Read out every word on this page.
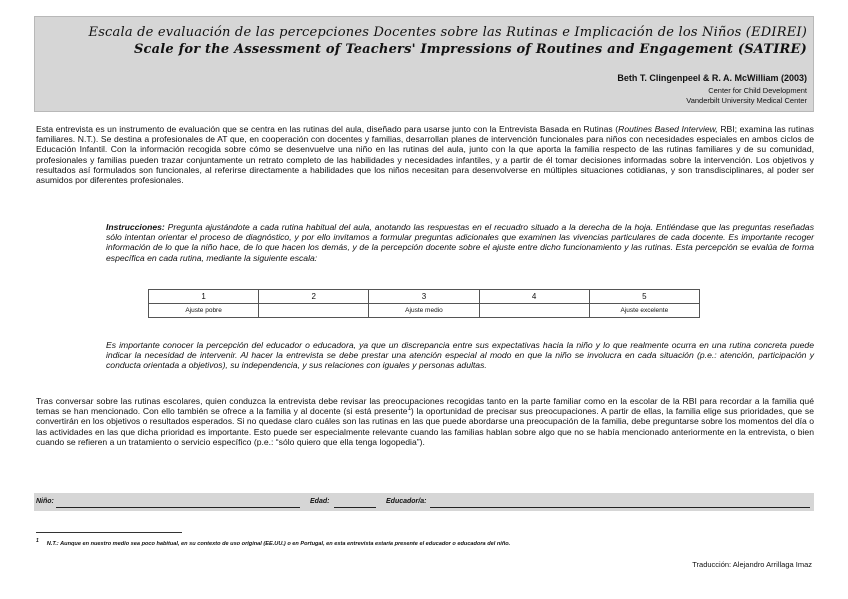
Escala de evaluación de las percepciones Docentes sobre las Rutinas e Implicación de los Niños (EDIREI)
Scale for the Assessment of Teachers' Impressions of Routines and Engagement (SATIRE)
Beth T. Clingenpeel & R. A. McWilliam (2003)
Center for Child Development
Vanderbilt University Medical Center

Esta entrevista es un instrumento de evaluación que se centra en las rutinas del aula, diseñado para usarse junto con la Entrevista Basada en Rutinas (Routines Based Interview, RBI; examina las rutinas familiares. N.T.). Se destina a profesionales de AT que, en cooperación con docentes y familias, desarrollan planes de intervención funcionales para niños con necesidades especiales en ambos ciclos de Educación Infantil. Con la información recogida sobre cómo se desenvuelve una niño en las rutinas del aula, junto con la que aporta la familia respecto de las rutinas familiares y de su comunidad, profesionales y familias pueden trazar conjuntamente un retrato completo de las habilidades y necesidades infantiles, y a partir de él tomar decisiones informadas sobre la intervención. Los objetivos y resultados así formulados son funcionales, al referirse directamente a habilidades que los niños necesitan para desenvolverse en múltiples situaciones cotidianas, y son transdisciplinares, al poder ser asumidos por diferentes profesionales.

Instrucciones: Pregunta ajustándote a cada rutina habitual del aula, anotando las respuestas en el recuadro situado a la derecha de la hoja. Entiéndase que las preguntas reseñadas sólo intentan orientar el proceso de diagnóstico, y por ello invitamos a formular preguntas adicionales que examinen las vivencias particulares de cada docente. Es importante recoger información de lo que la niño hace, de lo que hacen los demás, y de la percepción docente sobre el ajuste entre dicho funcionamiento y las rutinas. Esta percepción se evalúa de forma específica en cada rutina, mediante la siguiente escala:

1	2	3	4	5
Ajuste pobre		Ajuste medio		Ajuste excelente

Es importante conocer la percepción del educador o educadora, ya que un discrepancia entre sus expectativas hacia la niño y lo que realmente ocurra en una rutina concreta puede indicar la necesidad de intervenir. Al hacer la entrevista se debe prestar una atención especial al modo en que la niño se involucra en cada situación (p.e.: atención, participación y conducta orientada a objetivos), su independencia, y sus relaciones con iguales y personas adultas.

Tras conversar sobre las rutinas escolares, quien conduzca la entrevista debe revisar las preocupaciones recogidas tanto en la parte familiar como en la escolar de la RBI para recordar a la familia qué temas se han mencionado. Con ello también se ofrece a la familia y al docente (si está presente$^1$) la oportunidad de precisar sus preocupaciones. A partir de ellas, la familia elige sus prioridades, que se convertirán en los objetivos o resultados esperados. Si no quedase claro cuáles son las rutinas en las que puede abordarse una preocupación de la familia, debe preguntarse sobre los momentos del día o las actividades en las que dicha prioridad es importante. Esto puede ser especialmente relevante cuando las familias hablan sobre algo que no se había mencionado anteriormente en la entrevista, o bien cuando se refieren a un tratamiento o servicio específico (p.e.: “sólo quiero que ella tenga logopedia”).

Niño:	Edad:	Educador/a:
$^1$ N.T.: Aunque en nuestro medio sea poco habitual, en su contexto de uso original (EE.UU.) o en Portugal, en esta entrevista estaría presente el educador o educadora del niño.
Traducción: Alejandro Arrillaga Imaz
